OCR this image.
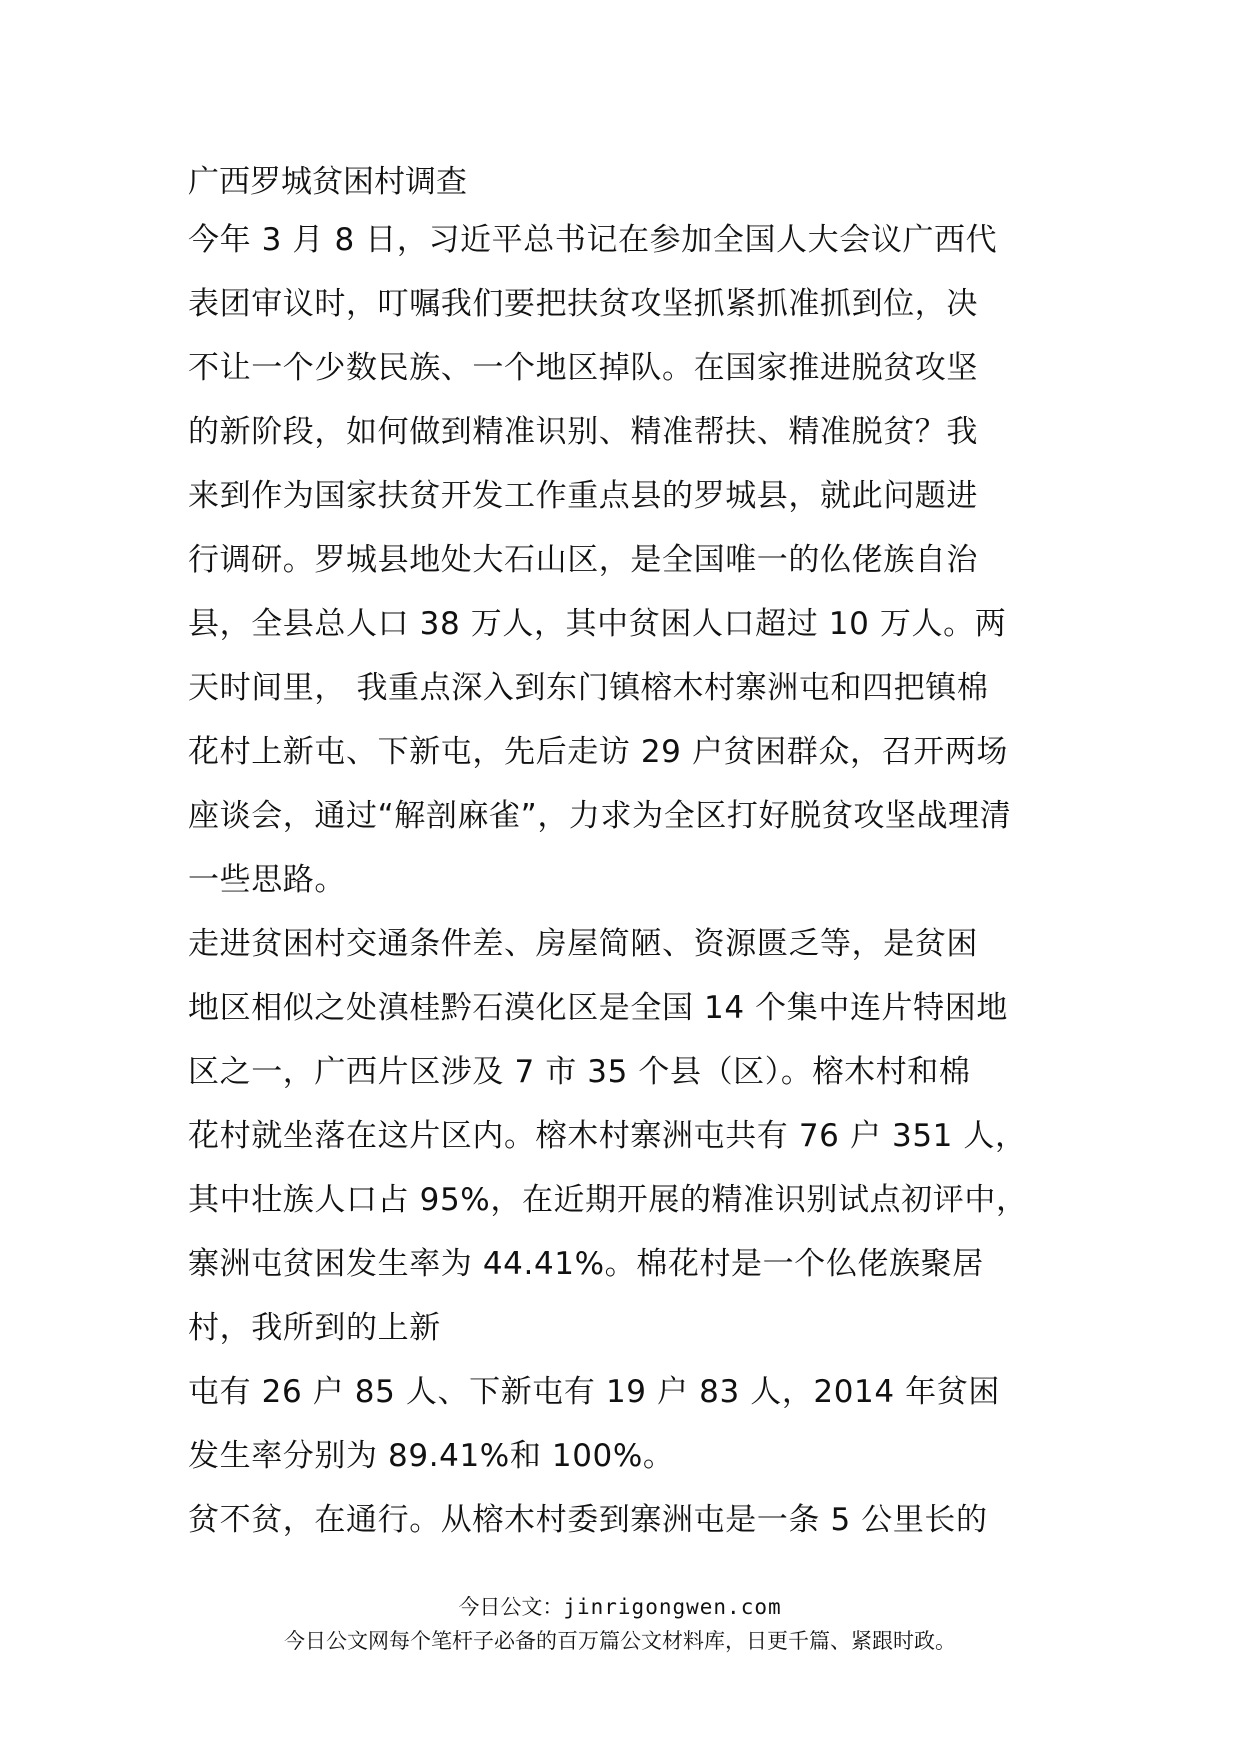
广西罗城贫困村调查

今年 3 月 8 日，习近平总书记在参加全国人大会议广西代
表团审议时，叮嘱我们要把扶贫攻坚抓紧抓准抓到位，决
不让一个少数民族、一个地区掉队。在国家推进脱贫攻坚
的新阶段，如何做到精准识别、精准帮扶、精准脱贫？我
来到作为国家扶贫开发工作重点县的罗城县，就此问题进
行调研。罗城县地处大石山区，是全国唯一的仫佬族自治
县，全县总人口 38 万人，其中贫困人口超过 10 万人。两
天时间里， 我重点深入到东门镇榕木村寨洲屯和四把镇棉
花村上新屯、下新屯，先后走访 29 户贫困群众，召开两场
座谈会，通过“解剖麻雀”，力求为全区打好脱贫攻坚战理清
一些思路。

走进贫困村交通条件差、房屋简陋、资源匮乏等，是贫困
地区相似之处滇桂黔石漠化区是全国 14 个集中连片特困地
区之一，广西片区涉及 7 市 35 个县（区）。榕木村和棉
花村就坐落在这片区内。榕木村寨洲屯共有 76 户 351 人，
其中壮族人口占 95%，在近期开展的精准识别试点初评中，
寨洲屯贫困发生率为 44.41%。棉花村是一个仫佬族聚居
村，我所到的上新

屯有 26 户 85 人、下新屯有 19 户 83 人，2014 年贫困
发生率分别为 89.41%和 100%。

贫不贫，在通行。从榕木村委到寨洲屯是一条 5 公里长的

今日公文：jinrigongwen.com
今日公文网每个笔杆子必备的百万篇公文材料库，日更千篇、紧跟时政。
